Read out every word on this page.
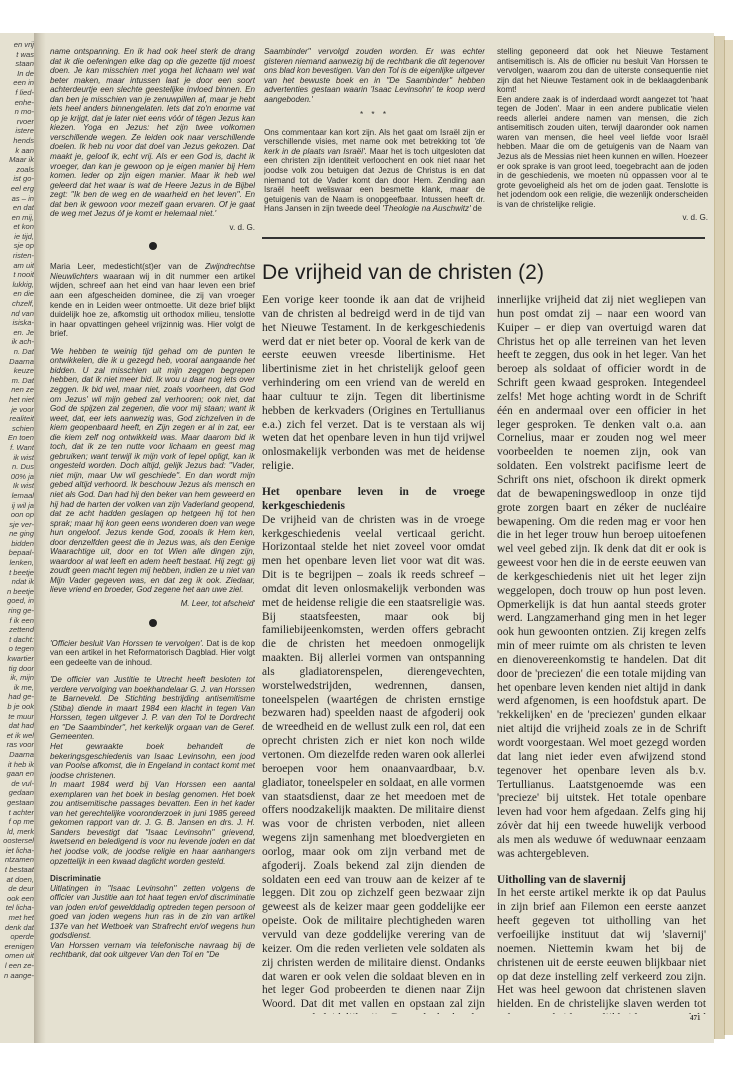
en vrij
t was
staan
In de
een in
f lied-
enhe-
n mo-
rvoer
istere
hends
k aan
Maar ik
zoals
ist go-
eel erg
as – in
en dat
en mij,
et kon
ie tijd,
sje op
risten-
am uit
t nooit
lukkig,
en die
chzelf,
nd van
isiska-
en. Je
ik ach-
n. Dat
Daarna
keuze
m. Dat
nen ze
het niet
je voor
realiteit
schien
En toen
f. Want
ik wist
n. Dus
00% ja
Ik wist
lemaal
ij wil ja
oon op
sje ver-
ne ging
bidden
bepaal-
lenken,
t beetje
ndat ik
n beetje
goed, in
ring ge-
f ik een
zettend
t dacht:
o tegen
kwartier
tig door
ik, mijn
ik me,
had ge-
b je ook
te muur
dat had
et ik wel
ras voor
Daarna
it heb ik
gaan en
de vul-
gedaan
gestaan
t achter
f op me
ld, merk
oostersel
iet licha-
ntzamen
t bestaat
at doen,
de deur
ook een
tel licha-
met het
denk dat
operde
erenigen
omen uit
l een ze-
n aange-

name ontspanning. En ik had ook heel sterk de drang dat ik die oefeningen elke dag op die gezette tijd moest doen. Je kan misschien met yoga het lichaam wel wat beter maken, maar intussen laat je door een soort achterdeurtje een slechte geestelijke invloed binnen. En dan ben je misschien van je zenuwpillen af, maar je hebt iets heel anders binnengelaten. Iets dat zo'n enorme vat op je krijgt, dat je later niet eens vóór of tégen Jezus kan kiezen. Yoga en Jezus: het zijn twee volkomen verschillende wegen. Ze leiden ook naar verschillende doelen. Ik heb nu voor dat doel van Jezus gekozen. Dat maakt je, geloof ik, echt vrij. Als er een God is, dacht ik vroeger, dan kan je gewoon op je eigen manier bij Hem komen. Ieder op zijn eigen manier. Maar ik heb wel geleerd dat het waar is wat de Heere Jezus in de Bijbel zegt: ''Ik ben de weg en de waarheid en het leven''. En dat ben ik gewoon voor mezelf gaan ervaren. Of je gaat de weg met Jezus óf je komt er helemaal niet.'

v. d. G.

Maria Leer, medesticht(st)er van de Zwijndrechtse Nieuwlichters waaraan wij in dit nummer een artikel wijden, schreef aan het eind van haar leven een brief aan een afgescheiden dominee, die zij van vroeger kende en in Leiden weer ontmoette. Uit deze brief blijkt duidelijk hoe ze, afkomstig uit orthodox milieu, tenslotte in haar opvattingen geheel vrijzinnig was. Hier volgt de brief.

'We hebben te weinig tijd gehad om de punten te ontwikkelen, die ik u gezegd heb, vooral aangaande het bidden. U zal misschien uit mijn zeggen begrepen hebben, dat ik niet meer bid. Ik wou u daar nog iets over zeggen. Ik bid wel, maar niet, zoals voorheen, dat God om Jezus' wil mijn gebed zal verhooren; ook niet, dat God de spijzen zal zegenen, die voor mij staan; want ik weet, dat, eer iets aanwezig was, God zichzelven in de kiem geopenbaard heeft, en Zijn zegen er al in zat, eer die kiem zelf nog ontwikkeld was. Maar daarom bid ik toch, dat ik ze ten nutte voor lichaam en geest mag gebruiken; want terwijl ik mijn vork of lepel opligt, kan ik ongesteld worden. Doch altijd, gelijk Jezus bad: ''Vader, niet mijn, maar Uw wil geschiede''. En dan wordt mijn gebed altijd verhoord. Ik beschouw Jezus als mensch en niet als God. Dan had hij den beker van hem geweerd en hij had de harten der volken van zijn Vaderland geopend, dat ze acht hadden geslagen op hetgeen hij tot hen sprak; maar hij kon geen eens wonderen doen van wege hun ongeloof. Jezus kende God, zooals ik Hem ken, door denzelfden geest die in Jezus was, als den Eenige Waarachtige uit, door en tot Wien alle dingen zijn, waardoor al wat leeft en adem heeft bestaat. Hij zegt: gij zoudt geen macht tegen mij hebben, indien ze u niet van Mijn Vader gegeven was, en dat zeg ik ook. Ziedaar, lieve vriend en broeder, God zegene het aan uwe ziel.

M. Leer, tot afscheid'

'Officier besluit Van Horssen te vervolgen'. Dat is de kop van een artikel in het Reformatorisch Dagblad. Hier volgt een gedeelte van de inhoud.

'De officier van Justitie te Utrecht heeft besloten tot verdere vervolging van boekhandelaar G. J. van Horssen te Barneveld. De Stichting bestrijding antisemitisme (Stiba) diende in maart 1984 een klacht in tegen Van Horssen, tegen uitgever J. P. van den Tol te Dordrecht en ''De Saambinder'', het kerkelijk orgaan van de Geref. Gemeenten.

Het gewraakte boek behandelt de bekeringsgeschiedenis van Isaac Levinsohn, een jood van Poolse afkomst, die in Engeland in contact komt met joodse christenen.

In maart 1984 werd bij Van Horssen een aantal exemplaren van het boek in beslag genomen. Het boek zou antisemitische passages bevatten. Een in het kader van het gerechtelijke vooronderzoek in juni 1985 gereed gekomen rapport van dr. J. G. B. Jansen en drs. J. H. Sanders bevestigt dat ''Isaac Levinsohn'' grievend, kwetsend en beledigend is voor nu levende joden en dat het joodse volk, de joodse religie en haar aanhangers opzettelijk in een kwaad daglicht worden gesteld.

Discriminatie

Uitlatingen in ''Isaac Levinsohn'' zetten volgens de officier van Justitie aan tot haat tegen en/of discriminatie van joden en/of gewelddadig optreden tegen persoon of goed van joden wegens hun ras in de zin van artikel 137e van het Wetboek van Strafrecht en/of wegens hun godsdienst.

Van Horssen vernam via telefonische navraag bij de rechtbank, dat ook uitgever Van den Tol en ''De

Saambinder'' vervolgd zouden worden. Er was echter gisteren niemand aanwezig bij de rechtbank die dit tegenover ons blad kon bevestigen. Van den Tol is de eigenlijke uitgever van het bewuste boek en in ''De Saambinder'' hebben advertenties gestaan waarin 'Isaac Levinsohn' te koop werd aangeboden.'

* * *

Ons commentaar kan kort zijn. Als het gaat om Israël zijn er verschillende visies, met name ook met betrekking tot 'de kerk in de plaats van Israël'. Maar het is toch uitgesloten dat een christen zijn identiteit verloochent en ook niet naar het joodse volk zou betuigen dat Jezus de Christus is en dat niemand tot de Vader komt dan door Hem. Zending aan Israël heeft weliswaar een besmette klank, maar de getuigenis van de Naam is onopgeefbaar. Intussen heeft dr. Hans Jansen in zijn tweede deel 'Theologie na Auschwitz' de

stelling geponeerd dat ook het Nieuwe Testament antisemitisch is. Als de officier nu besluit Van Horssen te vervolgen, waarom zou dan de uiterste consequentie niet zijn dat het Nieuwe Testament ook in de beklaagdenbank komt!

Een andere zaak is of inderdaad wordt aangezet tot 'haat tegen de Joden'. Maar in een andere publicatie vielen reeds allerlei andere namen van mensen, die zich antisemitisch zouden uiten, terwijl daaronder ook namen waren van mensen, die heel veel liefde voor Israël hebben. Maar die om de getuigenis van de Naam van Jezus als de Messias niet heen kunnen en willen. Hoezeer er ook sprake is van groot leed, toegebracht aan de joden in de geschiedenis, we moeten nú oppassen voor al te grote gevoeligheid als het om de joden gaat. Tenslotte is het jodendom ook een religie, die wezenlijk onderscheiden is van de christelijke religie.

v. d. G.

De vrijheid van de christen (2)

Een vorige keer toonde ik aan dat de vrijheid van de christen al bedreigd werd in de tijd van het Nieuwe Testament. In de kerkgeschiedenis werd dat er niet beter op. Vooral de kerk van de eerste eeuwen vreesde libertinisme. Het libertinisme ziet in het christelijk geloof geen verhindering om een vriend van de wereld en haar cultuur te zijn. Tegen dit libertinisme hebben de kerkvaders (Origines en Tertullianus e.a.) zich fel verzet. Dat is te verstaan als wij weten dat het openbare leven in hun tijd vrijwel onlosmakelijk verbonden was met de heidense religie.

Het openbare leven in de vroege kerkgeschiedenis

De vrijheid van de christen was in de vroege kerkgeschiedenis veelal verticaal gericht. Horizontaal stelde het niet zoveel voor omdat men het openbare leven liet voor wat dit was. Dit is te begrijpen – zoals ik reeds schreef – omdat dit leven onlosmakelijk verbonden was met de heidense religie die een staatsreligie was. Bij staatsfeesten, maar ook bij familiebijeenkomsten, werden offers gebracht die de christen het meedoen onmogelijk maakten. Bij allerlei vormen van ontspanning als gladiatorenspelen, dierengevechten, worstelwedstrijden, wedrennen, dansen, toneelspelen (waartégen de christen ernstige bezwaren had) speelden naast de afgoderij ook de wreedheid en de wellust zulk een rol, dat een oprecht christen zich er niet kon noch wilde vertonen. Om diezelfde reden waren ook allerlei beroepen voor hem onaanvaardbaar, b.v. gladiator, toneelspeler en soldaat, en alle vormen van staatsdienst, daar ze het meedoen met de offers noodzakelijk maakten. De militaire dienst was voor de christen verboden, niet alleen wegens zijn samenhang met bloedvergieten en oorlog, maar ook om zijn verband met de afgoderij. Zoals bekend zal zijn dienden de soldaten een eed van trouw aan de keizer af te leggen. Dit zou op zichzelf geen bezwaar zijn geweest als de keizer maar geen goddelijke eer opeiste. Ook de militaire plechtigheden waren vervuld van deze goddelijke verering van de keizer. Om die reden verlieten vele soldaten als zij christen werden de militaire dienst. Ondanks dat waren er ook velen die soldaat bleven en in het leger God probeerden te dienen naar Zijn Woord. Dat dit met vallen en opstaan zal zijn

innerlijke vrijheid dat zij niet wegliepen van hun post omdat zij – naar een woord van Kuiper – er diep van overtuigd waren dat Christus het op alle terreinen van het leven heeft te zeggen, dus ook in het leger. Van het beroep als soldaat of officier wordt in de Schrift geen kwaad gesproken. Integendeel zelfs! Met hoge achting wordt in de Schrift één en andermaal over een officier in het leger gesproken. Te denken valt o.a. aan Cornelius, maar er zouden nog wel meer voorbeelden te noemen zijn, ook van soldaten. Een volstrekt pacifisme leert de Schrift ons niet, ofschoon ik direkt opmerk dat de bewapeningswedloop in onze tijd grote zorgen baart en zéker de nucléaire bewapening. Om die reden mag er voor hen die in het leger trouw hun beroep uitoefenen wel veel gebed zijn. Ik denk dat dit er ook is geweest voor hen die in de eerste eeuwen van de kerkgeschiedenis niet uit het leger zijn weggelopen, doch trouw op hun post leven. Opmerkelijk is dat hun aantal steeds groter werd. Langzamerhand ging men in het leger ook hun gewoonten ontzien. Zij kregen zelfs min of meer ruimte om als christen te leven en dienovereenkomstig te handelen. Dat dit door de 'preciezen' die een totale mijding van het openbare leven kenden niet altijd in dank werd afgenomen, is een hoofdstuk apart. De 'rekkelijken' en de 'preciezen' gunden elkaar niet altijd die vrijheid zoals ze in de Schrift wordt voorgestaan. Wel moet gezegd worden dat lang niet ieder even afwijzend stond tegenover het openbare leven als b.v. Tertullianus. Laatstgenoemde was een 'precieze' bij uitstek. Het totale openbare leven had voor hem afgedaan. Zelfs ging hij zóvèr dat hij een tweede huwelijk verbood als men als weduwe óf weduwnaar eenzaam was achtergebleven.

Uitholling van de slavernij

In het eerste artikel merkte ik op dat Paulus in zijn brief aan Filemon een eerste aanzet heeft gegeven tot uitholling van het verfoeilijke instituut dat wij 'slavernij' noemen. Niettemin kwam het bij de christenen uit de eerste eeuwen blijkbaar niet op dat deze instelling zelf verkeerd zou zijn. Het was heel gewoon dat christenen slaven hielden. En de christelijke slaven werden tot

471
